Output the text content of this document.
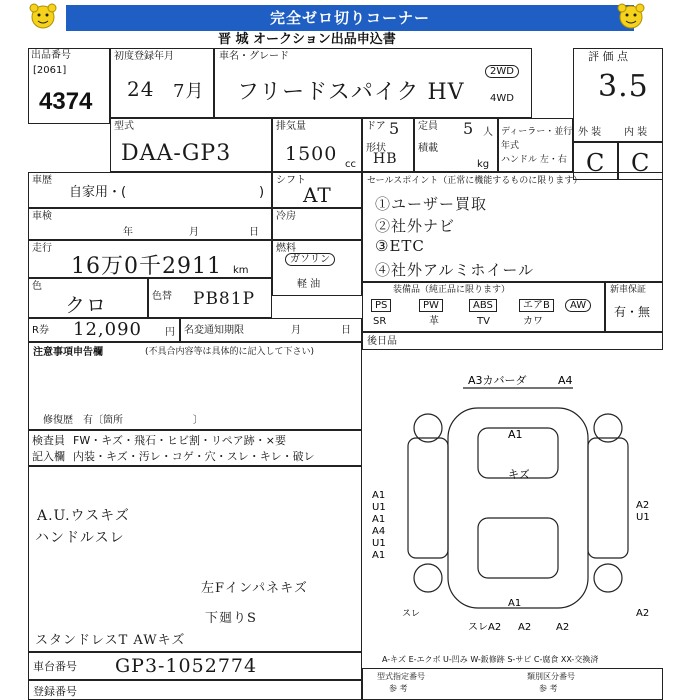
完全ゼロ切りコーナー
晋 城 オークション出品申込書
出品番号
[2061]
4374
初度登録年月
24 7月
車名・グレード
フリードスパイク HV
2WD
4WD
評 価 点
3.5
外 装 内 装
C C
型式
DAA-GP3
排気量
1500 cc
ドア 5
形状
HB
定員 5 人
積載
kg
ディーラー・並行
年式
ハンドル 左・右
車歴
自家用・(	)
シフト
AT
車検
年	月	日
冷房
走行
16万0千2911 km
燃料
ガソリン
軽 油
色
クロ	色替 PB81P
R券 12,090 円 名変通知期限	月	日
注意事項申告欄	(不具合内容等は具体的に記入して下さい)
修復歴　有〔箇所　　　　　　　〕
セールスポイント（正常に機能するものに限ります）
①ユーザー買取
②社外ナビ
③ETC
④社外アルミホイール
装備品（純正品に限ります）
PS	PW	ABS	エアB	AW
SR	革	TV	カワ
新車保証
有・無
後日品
検査員
記入欄
FW・キズ・飛石・ヒビ割・リペア跡・×要
内装・キズ・汚レ・コゲ・穴・スレ・キレ・破レ
A.U.ウスキズ
ハンドルスレ
左Fインパネキズ
下廻りS
スタンドレスT AWキズ
A3カバーダ	A4
A1
キズ
A1
U1
A1
A4
U1
A1
A2
U1
A2
A1
スレA2 A2 A2
スレ
A-キズ E-エクボ U-凹み W-鈑修跡 S-サビ C-腐食 XX-交換済
車台番号 GP3-1052774
登録番号
型式指定番号	類別区分番号
参 考	参 考
